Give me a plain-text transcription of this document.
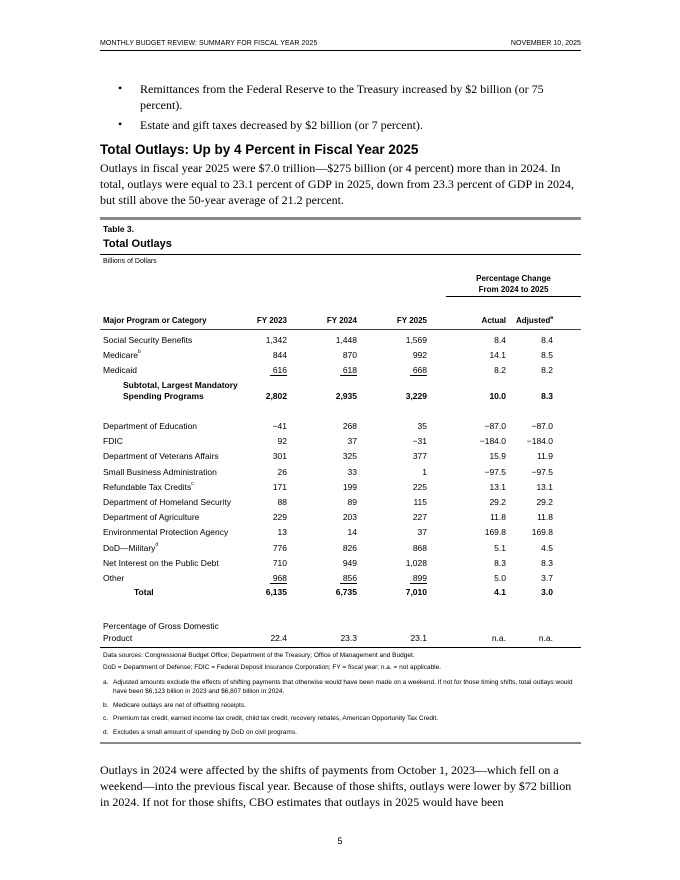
MONTHLY BUDGET REVIEW: SUMMARY FOR FISCAL YEAR 2025	NOVEMBER 10, 2025
• Remittances from the Federal Reserve to the Treasury increased by $2 billion (or 75 percent).
• Estate and gift taxes decreased by $2 billion (or 7 percent).
Total Outlays: Up by 4 Percent in Fiscal Year 2025
Outlays in fiscal year 2025 were $7.0 trillion—$275 billion (or 4 percent) more than in 2024. In total, outlays were equal to 23.1 percent of GDP in 2025, down from 23.3 percent of GDP in 2024, but still above the 50-year average of 21.2 percent.
Table 3.
Total Outlays
Billions of Dollars
Percentage Change
From 2024 to 2025
Major Program or Category	FY 2023	FY 2024	FY 2025	Actual Adjusted$^a$
Social Security Benefits	1,342	1,448	1,569	8.4	8.4
Medicare$^b$	844	870	992	14.1	8.5
Medicaid	616	618	668	8.2	8.2
Subtotal, Largest Mandatory
Spending Programs	2,802	2,935	3,229	10.0	8.3
Department of Education	−41	268	35	−87.0	−87.0
FDIC	92	37	−31	−184.0 −184.0
Department of Veterans Affairs	301	325	377	15.9	11.9
Small Business Administration	26	33	1	−97.5	−97.5
Refundable Tax Credits$^c$	171	199	225	13.1	13.1
Department of Homeland Security	88	89	115	29.2	29.2
Department of Agriculture	229	203	227	11.8	11.8
Environmental Protection Agency	13	14	37	169.8	169.8
DoD—Military$^d$	776	826	868	5.1	4.5
Net Interest on the Public Debt	710	949	1,028	8.3	8.3
Other	968	856	899	5.0	3.7
Total	6,135	6,735	7,010	4.1	3.0
Percentage of Gross Domestic
Product	22.4	23.3	23.1	n.a.	n.a.
Data sources: Congressional Budget Office; Department of the Treasury; Office of Management and Budget.
DoD = Department of Defense; FDIC = Federal Deposit Insurance Corporation; FY = fiscal year; n.a. = not applicable.
a. Adjusted amounts exclude the effects of shifting payments that otherwise would have been made on a weekend. If not for those timing shifts, total outlays would have been $6,123 billion in 2023 and $6,807 billion in 2024.
b. Medicare outlays are net of offsetting receipts.
c. Premium tax credit, earned income tax credit, child tax credit, recovery rebates, American Opportunity Tax Credit.
d. Excludes a small amount of spending by DoD on civil programs.
Outlays in 2024 were affected by the shifts of payments from October 1, 2023—which fell on a weekend—into the previous fiscal year. Because of those shifts, outlays were lower by $72 billion in 2024. If not for those shifts, CBO estimates that outlays in 2025 would have been
5
